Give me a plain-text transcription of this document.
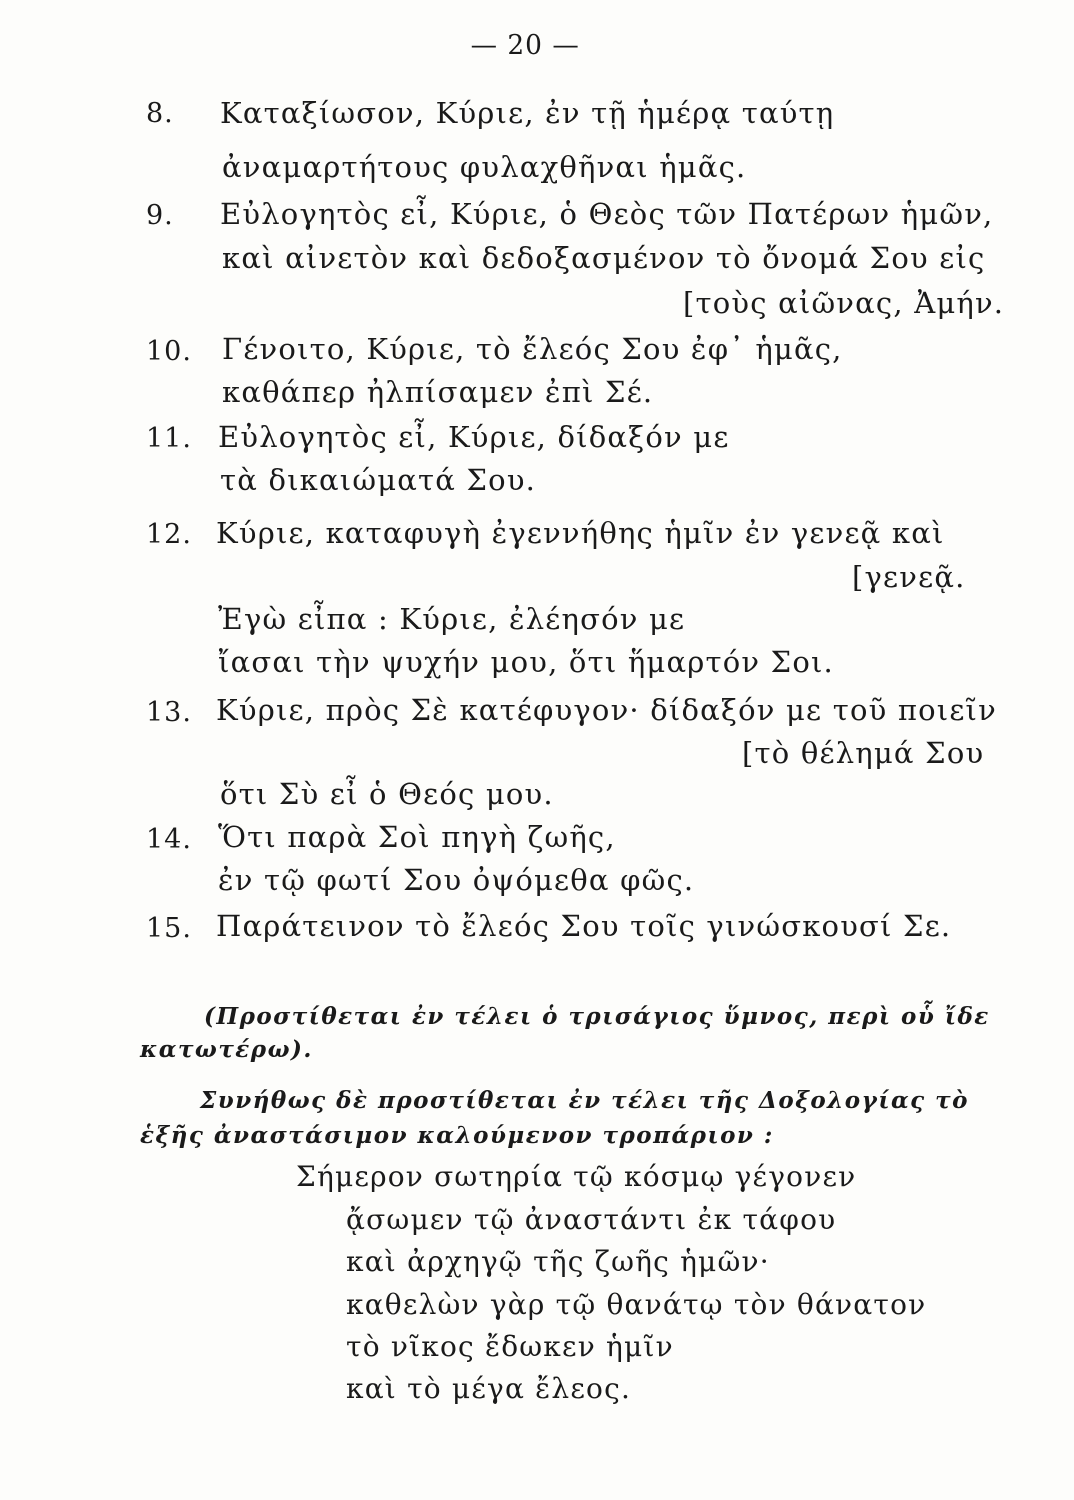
— 20 —
8. Καταξίωσον, Κύριε, ἐν τῇ ἡμέρᾳ ταύτῃ
ἀναμαρτήτους φυλαχθῆναι ἡμᾶς.
9. Εὐλογητὸς εἶ, Κύριε, ὁ Θεὸς τῶν Πατέρων ἡμῶν,
καὶ αἰνετὸν καὶ δεδοξασμένον τὸ ὄνομά Σου εἰς
[τοὺς αἰῶνας, Ἀμήν.
10. Γένοιτο, Κύριε, τὸ ἔλεός Σου ἐφ᾽ ἡμᾶς,
καθάπερ ἠλπίσαμεν ἐπὶ Σέ.
11. Εὐλογητὸς εἶ, Κύριε, δίδαξόν με
τὰ δικαιώματά Σου.
12. Κύριε, καταφυγὴ ἐγεννήθης ἡμῖν ἐν γενεᾷ καὶ
[γενεᾷ.
Ἐγὼ εἶπα : Κύριε, ἐλέησόν με
ἴασαι τὴν ψυχήν μου, ὅτι ἥμαρτόν Σοι.
13. Κύριε, πρὸς Σὲ κατέφυγον· δίδαξόν με τοῦ ποιεῖν
[τὸ θέλημά Σου
ὅτι Σὺ εἶ ὁ Θεός μου.
14. Ὅτι παρὰ Σοὶ πηγὴ ζωῆς,
ἐν τῷ φωτί Σου ὀψόμεθα φῶς.
15. Παράτεινον τὸ ἔλεός Σου τοῖς γινώσκουσί Σε.
(Προστίθεται ἐν τέλει ὁ τρισάγιος ὕμνος, περὶ οὗ ἴδε
κατωτέρω).
Συνήθως δὲ προστίθεται ἐν τέλει τῆς Δοξολογίας τὸ
ἑξῆς ἀναστάσιμον καλούμενον τροπάριον :
Σήμερον σωτηρία τῷ κόσμῳ γέγονεν
ᾄσωμεν τῷ ἀναστάντι ἐκ τάφου
καὶ ἀρχηγῷ τῆς ζωῆς ἡμῶν·
καθελὼν γὰρ τῷ θανάτῳ τὸν θάνατον
τὸ νῖκος ἔδωκεν ἡμῖν
καὶ τὸ μέγα ἔλεος.
